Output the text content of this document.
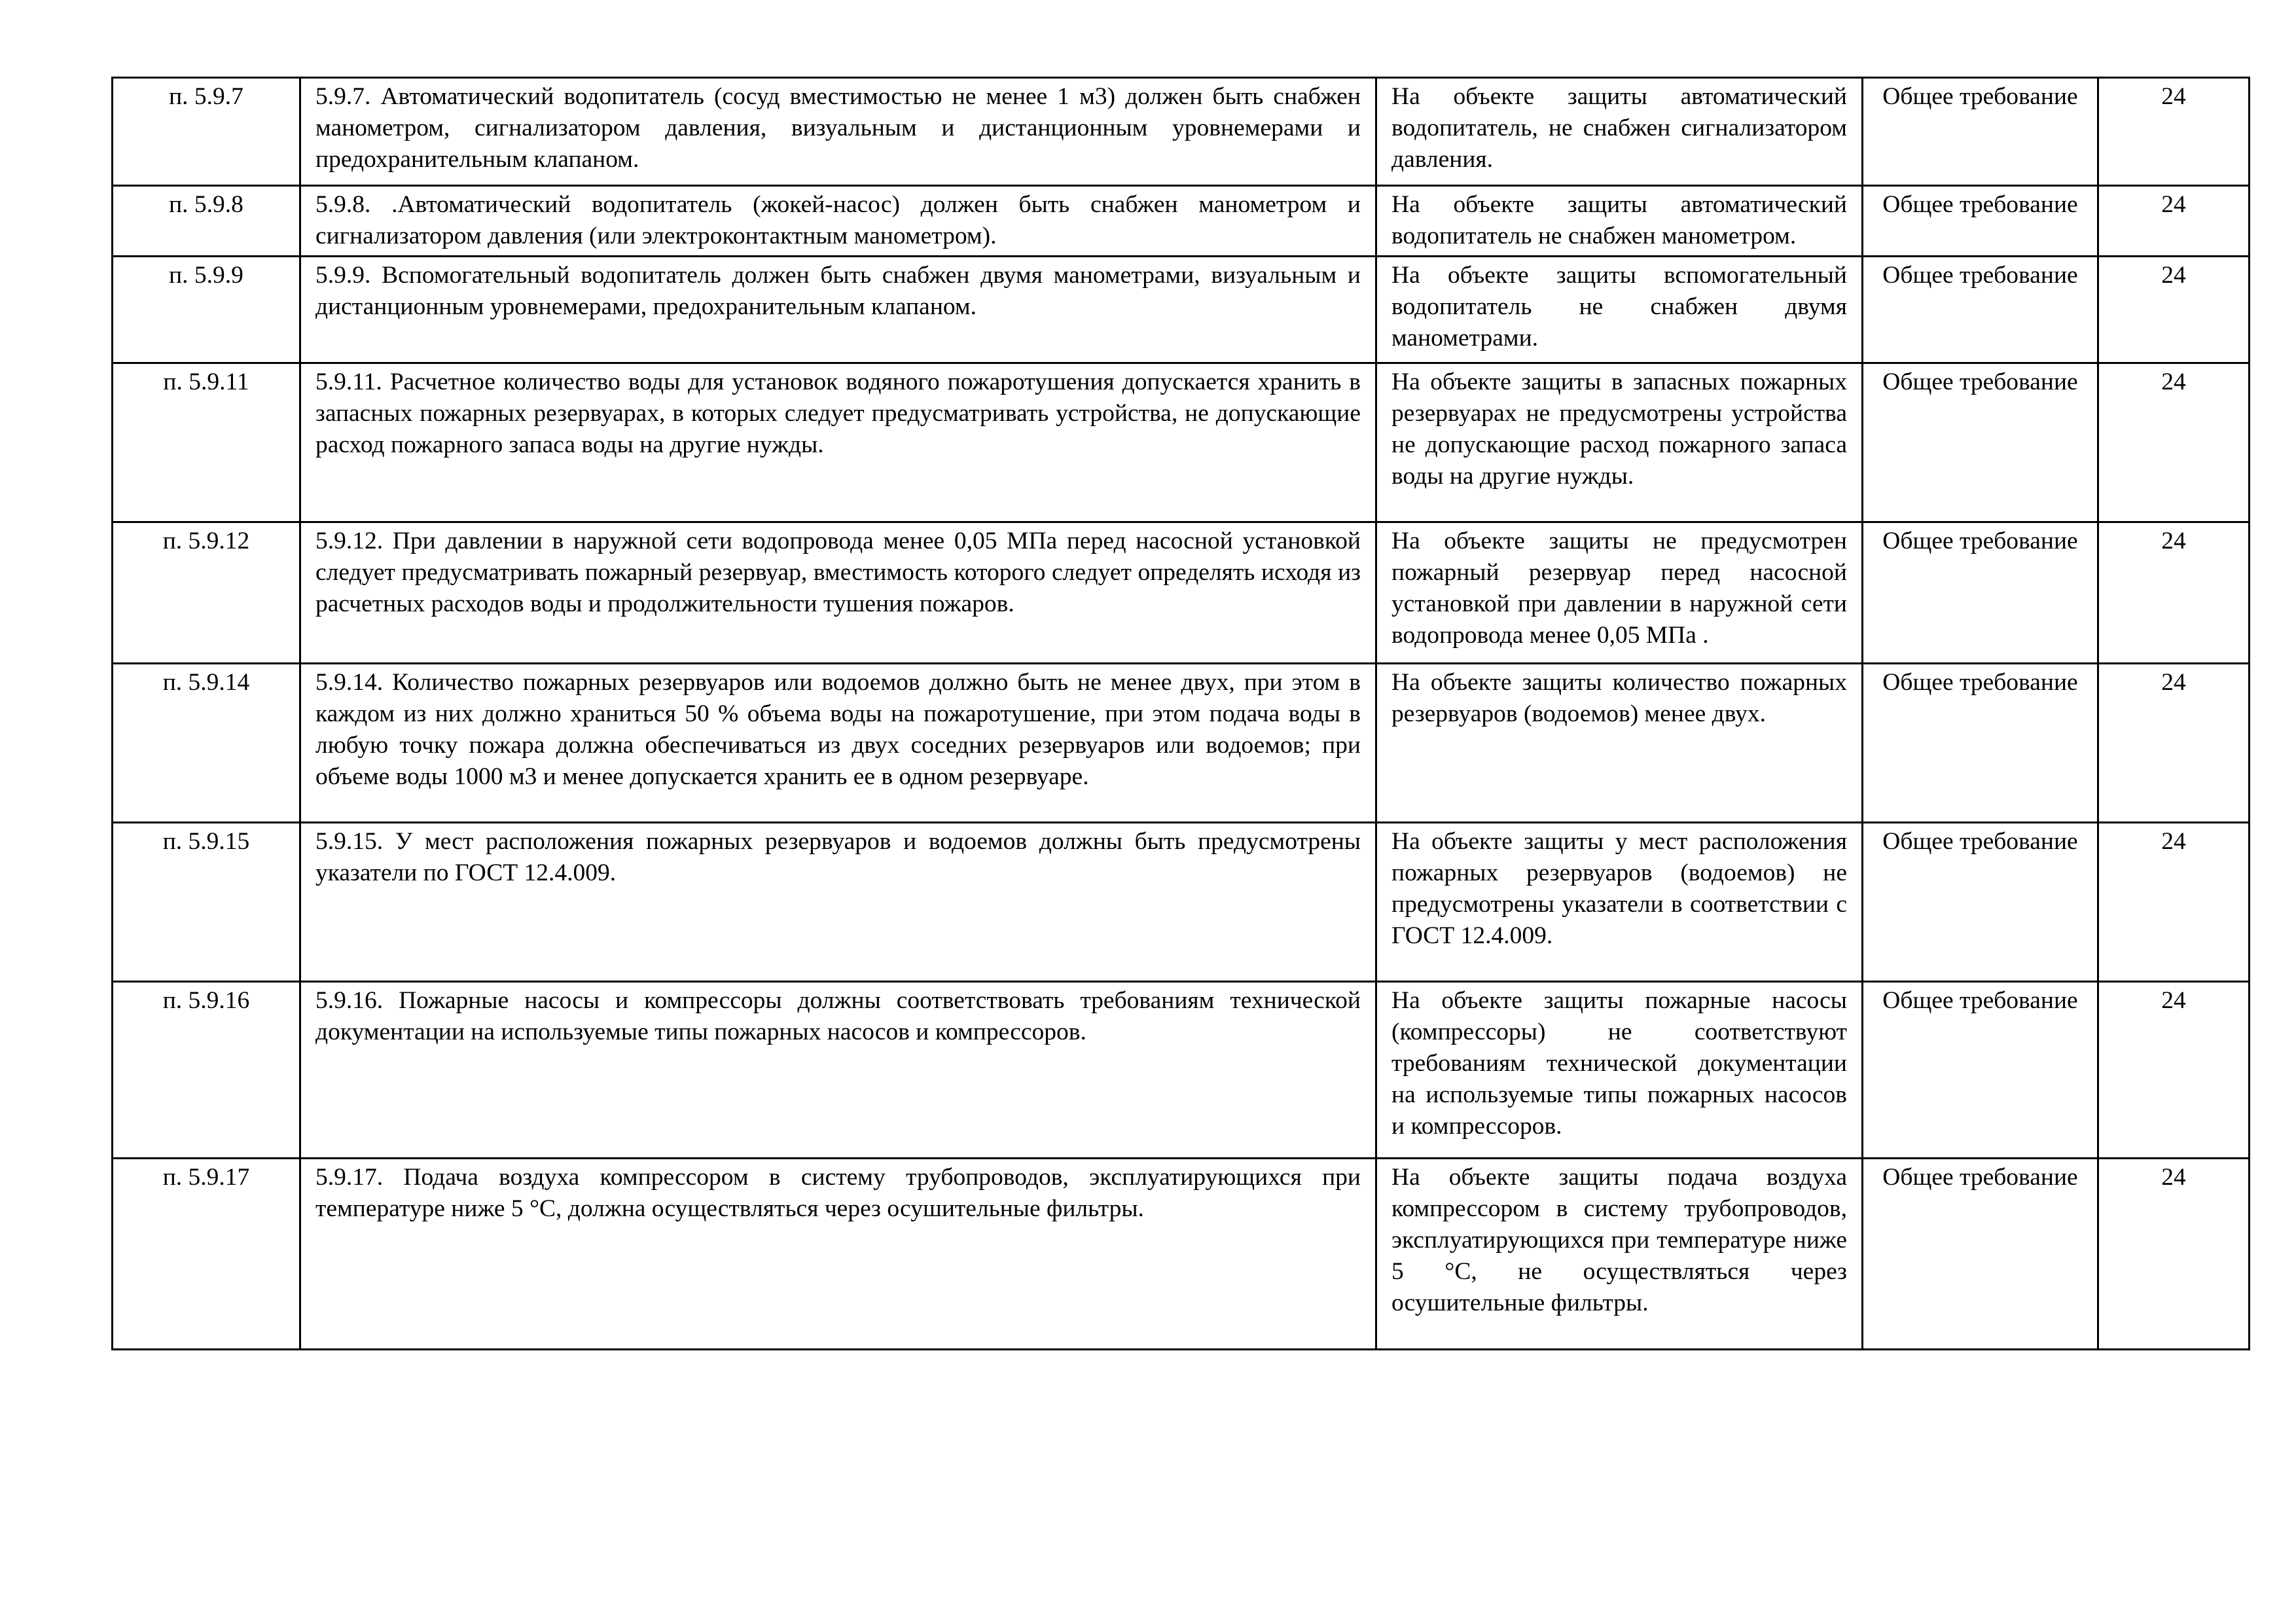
п. 5.9.7	5.9.7. Автоматический водопитатель (сосуд вместимостью не менее 1 м3) должен быть снабжен манометром, сигнализатором давления, визуальным и дистанционным уровнемерами и предохранительным клапаном.	На объекте защиты автоматический водопитатель, не снабжен сигнализатором давления.	Общее требование	24
п. 5.9.8	5.9.8. .Автоматический водопитатель (жокей-насос) должен быть снабжен манометром и сигнализатором давления (или электроконтактным манометром).	На объекте защиты автоматический водопитатель не снабжен манометром.	Общее требование	24
п. 5.9.9	5.9.9. Вспомогательный водопитатель должен быть снабжен двумя манометрами, визуальным и дистанционным уровнемерами, предохранительным клапаном.	На объекте защиты вспомогательный водопитатель не снабжен двумя манометрами.	Общее требование	24
п. 5.9.11	5.9.11. Расчетное количество воды для установок водяного пожаротушения допускается хранить в запасных пожарных резервуарах, в которых следует предусматривать устройства, не допускающие расход пожарного запаса воды на другие нужды.	На объекте защиты в запасных пожарных резервуарах не предусмотрены устройства не допускающие расход пожарного запаса воды на другие нужды.	Общее требование	24
п. 5.9.12	5.9.12. При давлении в наружной сети водопровода менее 0,05 МПа перед насосной установкой следует предусматривать пожарный резервуар, вместимость которого следует определять исходя из расчетных расходов воды и продолжительности тушения пожаров.	На объекте защиты не предусмотрен пожарный резервуар перед насосной установкой при давлении в наружной сети водопровода менее 0,05 МПа .	Общее требование	24
п. 5.9.14	5.9.14. Количество пожарных резервуаров или водоемов должно быть не менее двух, при этом в каждом из них должно храниться 50 % объема воды на пожаротушение, при этом подача воды в любую точку пожара должна обеспечиваться из двух соседних резервуаров или водоемов; при объеме воды 1000 м3 и менее допускается хранить ее в одном резервуаре.	На объекте защиты количество пожарных резервуаров (водоемов) менее двух.	Общее требование	24
п. 5.9.15	5.9.15. У мест расположения пожарных резервуаров и водоемов должны быть предусмотрены указатели по ГОСТ 12.4.009.	На объекте защиты у мест расположения пожарных резервуаров (водоемов) не предусмотрены указатели в соответствии с ГОСТ 12.4.009.	Общее требование	24
п. 5.9.16	5.9.16. Пожарные насосы и компрессоры должны соответствовать требованиям технической документации на используемые типы пожарных насосов и компрессоров.	На объекте защиты пожарные насосы (компрессоры) не соответствуют требованиям технической документации на используемые типы пожарных насосов и компрессоров.	Общее требование	24
п. 5.9.17	5.9.17. Подача воздуха компрессором в систему трубопроводов, эксплуатирующихся при температуре ниже 5 °С, должна осуществляться через осушительные фильтры.	На объекте защиты подача воздуха компрессором в систему трубопроводов, эксплуатирующихся при температуре ниже 5 °С, не осуществляться через осушительные фильтры.	Общее требование	24
